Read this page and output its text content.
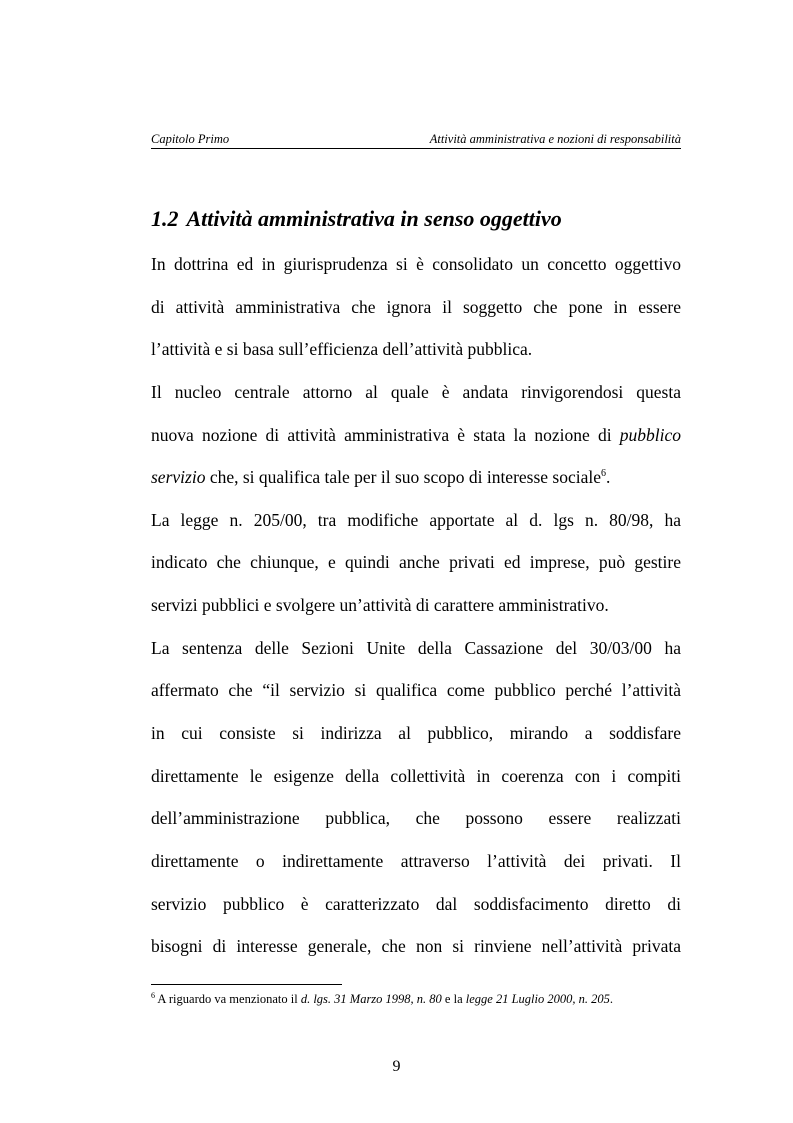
Capitolo Primo	Attività amministrativa e nozioni di responsabilità
1.2 Attività amministrativa in senso oggettivo
In dottrina ed in giurisprudenza si è consolidato un concetto oggettivo
di attività amministrativa che ignora il soggetto che pone in essere
l’attività e si basa sull’efficienza dell’attività pubblica.
Il nucleo centrale attorno al quale è andata rinvigorendosi questa
nuova nozione di attività amministrativa è stata la nozione di pubblico
servizio che, si qualifica tale per il suo scopo di interesse sociale$^6$.
La legge n. 205/00, tra modifiche apportate al d. lgs n. 80/98, ha
indicato che chiunque, e quindi anche privati ed imprese, può gestire
servizi pubblici e svolgere un’attività di carattere amministrativo.
La sentenza delle Sezioni Unite della Cassazione del 30/03/00 ha
affermato che “il servizio si qualifica come pubblico perché l’attività
in cui consiste si indirizza al pubblico, mirando a soddisfare
direttamente le esigenze della collettività in coerenza con i compiti
dell’amministrazione pubblica, che possono essere realizzati
direttamente o indirettamente attraverso l’attività dei privati. Il
servizio pubblico è caratterizzato dal soddisfacimento diretto di
bisogni di interesse generale, che non si rinviene nell’attività privata
$^6$ A riguardo va menzionato il d. lgs. 31 Marzo 1998, n. 80 e la legge 21 Luglio 2000, n. 205.
9
